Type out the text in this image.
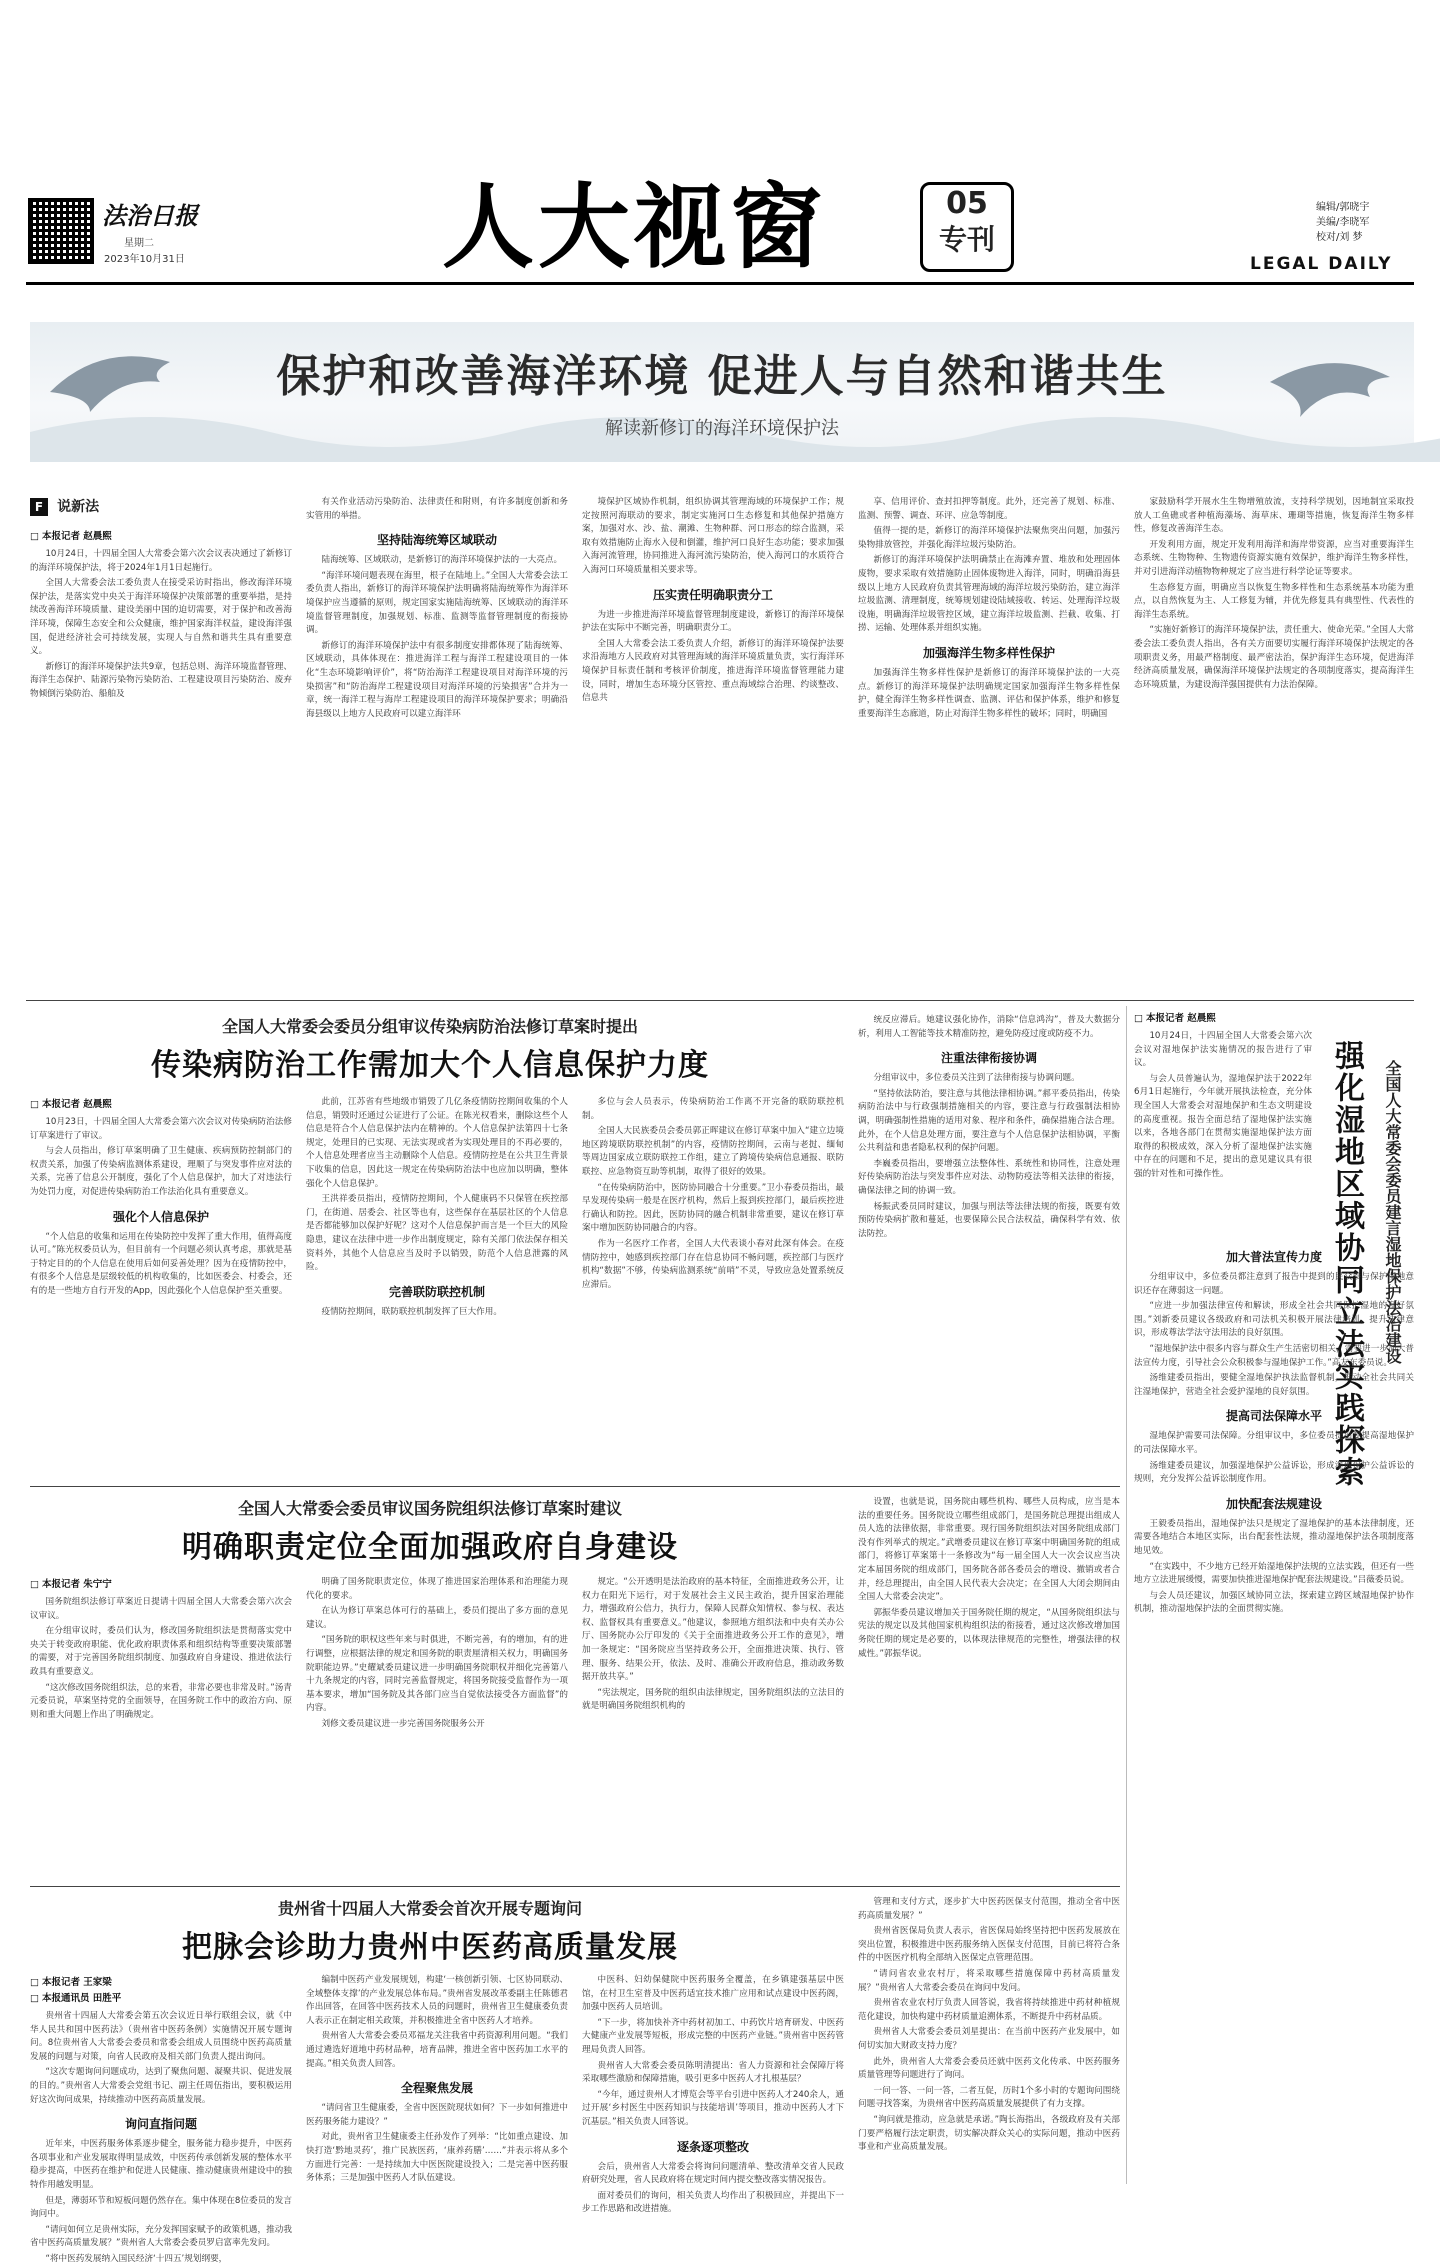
法治日报
星期二
2023年10月31日	人大视窗	05
专刊
编辑/郭晓宇
美编/李晓军
校对/刘 梦
LEGAL DAILY
保护和改善海洋环境 促进人与自然和谐共生
解读新修订的海洋环境保护法
F 说新法
□ 本报记者 赵晨熙

10月24日，十四届全国人大常委会第六次会议表决通过了新修订的海洋环境保护法，将于2024年1月1日起施行。

全国人大常委会法工委负责人在接受采访时指出，修改海洋环境保护法，是落实党中央关于海洋环境保护决策部署的重要举措，是持续改善海洋环境质量、建设美丽中国的迫切需要，对于保护和改善海洋环境，保障生态安全和公众健康，维护国家海洋权益，建设海洋强国，促进经济社会可持续发展，实现人与自然和谐共生具有重要意义。

新修订的海洋环境保护法共9章，包括总则、海洋环境监督管理、海洋生态保护、陆源污染物污染防治、工程建设项目污染防治、废弃物倾倒污染防治、船舶及

有关作业活动污染防治、法律责任和附则，有许多制度创新和务实管用的举措。

坚持陆海统筹区域联动

陆海统筹、区域联动，是新修订的海洋环境保护法的一大亮点。

“海洋环境问题表现在海里，根子在陆地上。”全国人大常委会法工委负责人指出，新修订的海洋环境保护法明确将陆海统筹作为海洋环境保护应当遵循的原则，规定国家实施陆海统筹、区域联动的海洋环境监督管理制度，加强规划、标准、监测等监督管理制度的衔接协调。

新修订的海洋环境保护法中有很多制度安排都体现了陆海统筹、区域联动，具体体现在：推进海洋工程与海洋工程建设项目的一体化“生态环境影响评价”，将“防治海洋工程建设项目对海洋环境的污染损害”和“防治海岸工程建设项目对海洋环境的污染损害”合并为一章，统一海洋工程与海岸工程建设项目的海洋环境保护要求；明确沿海县级以上地方人民政府可以建立海洋环

境保护区域协作机制，组织协调其管理海域的环境保护工作；规定按照河海联动的要求，制定实施河口生态修复和其他保护措施方案，加强对水、沙、盐、潮滩、生物种群、河口形态的综合监测，采取有效措施防止海水入侵和倒灌，维护河口良好生态功能；要求加强入海河流管理，协同推进入海河流污染防治，使入海河口的水质符合入海河口环境质量相关要求等。

压实责任明确职责分工

为进一步推进海洋环境监督管理制度建设，新修订的海洋环境保护法在实际中不断完善，明确职责分工。

全国人大常委会法工委负责人介绍，新修订的海洋环境保护法要求沿海地方人民政府对其管理海域的海洋环境质量负责，实行海洋环境保护目标责任制和考核评价制度，推进海洋环境监督管理能力建设，同时，增加生态环境分区管控、重点海域综合治理、约谈整改、信息共

享、信用评价、查封扣押等制度。此外，还完善了规划、标准、监测、预警、调查、环评、应急等制度。

值得一提的是，新修订的海洋环境保护法聚焦突出问题，加强污染物排放管控，并强化海洋垃圾污染防治。

新修订的海洋环境保护法明确禁止在海滩弃置、堆放和处理固体废物，要求采取有效措施防止固体废物进入海洋，同时，明确沿海县级以上地方人民政府负责其管理海域的海洋垃圾污染防治，建立海洋垃圾监测、清理制度，统筹规划建设陆域接收、转运、处理海洋垃圾设施，明确海洋垃圾管控区域，建立海洋垃圾监测、拦截、收集、打捞、运输、处理体系并组织实施。

加强海洋生物多样性保护

加强海洋生物多样性保护是新修订的海洋环境保护法的一大亮点。新修订的海洋环境保护法明确规定国家加强海洋生物多样性保护，健全海洋生物多样性调查、监测、评估和保护体系，维护和修复重要海洋生态廊道，防止对海洋生物多样性的破坏；同时，明确国

家鼓励科学开展水生生物增殖放流，支持科学规划，因地制宜采取投放人工鱼礁或者种植海藻场、海草床、珊瑚等措施，恢复海洋生物多样性，修复改善海洋生态。

开发利用方面，规定开发利用海洋和海岸带资源，应当对重要海洋生态系统、生物物种、生物遗传资源实施有效保护，维护海洋生物多样性，并对引进海洋动植物物种规定了应当进行科学论证等要求。

生态修复方面，明确应当以恢复生物多样性和生态系统基本功能为重点，以自然恢复为主、人工修复为辅，并优先修复具有典型性、代表性的海洋生态系统。

“实施好新修订的海洋环境保护法，责任重大、使命光荣。”全国人大常委会法工委负责人指出，各有关方面要切实履行海洋环境保护法规定的各项职责义务，用最严格制度、最严密法治，保护海洋生态环境，促进海洋经济高质量发展，确保海洋环境保护法规定的各项制度落实，提高海洋生态环境质量，为建设海洋强国提供有力法治保障。

全国人大常委会委员分组审议传染病防治法修订草案时提出
传染病防治工作需加大个人信息保护力度
□ 本报记者 赵晨熙

10月23日，十四届全国人大常委会第六次会议对传染病防治法修订草案进行了审议。

与会人员指出，修订草案明确了卫生健康、疾病预防控制部门的权责关系，加强了传染病监测体系建设，理顺了与突发事件应对法的关系，完善了信息公开制度，强化了个人信息保护，加大了对违法行为处罚力度，对促进传染病防治工作法治化具有重要意义。

强化个人信息保护

“个人信息的收集和运用在传染防控中发挥了重大作用，值得高度认可。”陈光权委员认为，但目前有一个问题必须认真考虑，那就是基于特定目的的个人信息在使用后如何妥善处理？因为在疫情防控中，有很多个人信息是层级较低的机构收集的，比如医委会、村委会，还有的是一些地方自行开发的App，因此强化个人信息保护至关重要。

此前，江苏省有些地级市销毁了几亿条疫情防控期间收集的个人信息，销毁时还通过公证进行了公证。在陈光权看来，删除这些个人信息是符合个人信息保护法内在精神的。个人信息保护法第四十七条规定，处理目的已实现、无法实现或者为实现处理目的不再必要的，个人信息处理者应当主动删除个人信息。疫情防控是在公共卫生背景下收集的信息，因此这一规定在传染病防治法中也应加以明确，整体强化个人信息保护。

王洪祥委员指出，疫情防控期间，个人健康码不只保管在疾控部门，在街道、居委会、社区等也有，这些保存在基层社区的个人信息是否都能够加以保护好呢？这对个人信息保护而言是一个巨大的风险隐患，建议在法律中进一步作出制度规定，除有关部门依法保存相关资料外，其他个人信息应当及时予以销毁，防范个人信息泄露的风险。

完善联防联控机制

疫情防控期间，联防联控机制发挥了巨大作用。

多位与会人员表示，传染病防治工作离不开完备的联防联控机制。

全国人大民族委员会委员郭正晖建议在修订草案中加入“建立边境地区跨境联防联控机制”的内容，疫情防控期间，云南与老挝、缅甸等周边国家成立联防联控工作组，建立了跨境传染病信息通报、联防联控、应急物资互助等机制，取得了很好的效果。

“在传染病防治中，医防协同融合十分重要。”卫小春委员指出，最早发现传染病一般是在医疗机构，然后上报到疾控部门，最后疾控进行确认和防控。因此，医防协同的融合机制非常重要，建议在修订草案中增加医防协同融合的内容。

作为一名医疗工作者，全国人大代表谈小春对此深有体会。在疫情防控中，她感到疾控部门存在信息协同不畅问题，疾控部门与医疗机构“数据”不够，传染病监测系统“前哨”不灵，导致应急处置系统反应滞后。

统反应滞后。她建议强化协作，消除“信息鸿沟”，普及大数据分析，利用人工智能等技术精准防控，避免防疫过度或防疫不力。

注重法律衔接协调

分组审议中，多位委员关注到了法律衔接与协调问题。

“坚持依法防治，要注意与其他法律相协调。”郝平委员指出，传染病防治法中与行政强制措施相关的内容，要注意与行政强制法相协调，明确强制性措施的适用对象、程序和条件，确保措施合法合理。此外，在个人信息处理方面，要注意与个人信息保护法相协调，平衡公共利益和患者隐私权利的保护问题。

李巍委员指出，要增强立法整体性、系统性和协同性，注意处理好传染病防治法与突发事件应对法、动物防疫法等相关法律的衔接，确保法律之间的协调一致。

杨振武委员同时建议，加强与刑法等法律法规的衔接，既要有效预防传染病扩散和蔓延，也要保障公民合法权益，确保科学有效、依法防控。

全国人大常委会委员审议国务院组织法修订草案时建议
明确职责定位全面加强政府自身建设
□ 本报记者 朱宁宁

国务院组织法修订草案近日提请十四届全国人大常委会第六次会议审议。

在分组审议时，委员们认为，修改国务院组织法是贯彻落实党中央关于转变政府职能、优化政府职责体系和组织结构等重要决策部署的需要，对于完善国务院组织制度、加强政府自身建设、推进依法行政具有重要意义。

“这次修改国务院组织法，总的来看，非常必要也非常及时。”汤青元委员说，草案坚持党的全面领导，在国务院工作中的政治方向、原则和重大问题上作出了明确规定。

明确了国务院职责定位，体现了推进国家治理体系和治理能力现代化的要求。

在认为修订草案总体可行的基础上，委员们提出了多方面的意见建议。

“国务院的职权这些年来与时俱进，不断完善，有的增加，有的进行调整，应根据法律的规定和国务院的职责厘清相关权力，明确国务院职能边界。”史耀斌委员建议进一步明确国务院职权并细化完善第八十九条规定的内容，同时完善监督规定，将国务院接受监督作为一项基本要求，增加“国务院及其各部门应当自觉依法接受各方面监督”的内容。

刘修文委员建议进一步完善国务院服务公开

规定。“公开透明是法治政府的基本特征，全面推进政务公开，让权力在阳光下运行，对于发展社会主义民主政治，提升国家治理能力，增强政府公信力，执行力，保障人民群众知情权、参与权、表达权、监督权具有重要意义。”他建议，参照地方组织法和中央有关办公厅、国务院办公厅印发的《关于全面推进政务公开工作的意见》，增加一条规定：“国务院应当坚持政务公开，全面推进决策、执行、管理、服务、结果公开，依法、及时、准确公开政府信息，推动政务数据开放共享。”

“宪法规定，国务院的组织由法律规定，国务院组织法的立法目的就是明确国务院组织机构的

设置，也就是说，国务院由哪些机构、哪些人员构成，应当是本法的重要任务。国务院设立哪些组成部门，是国务院总理提出组成人员人选的法律依据，非常重要。现行国务院组织法对国务院组成部门没有作列举式的规定。”武增委员建议在修订草案中明确国务院的组成部门，将修订草案第十一条修改为“每一届全国人大一次会议应当决定本届国务院的组成部门，国务院各部各委员会的增设、撤销或者合并，经总理提出，由全国人民代表大会决定；在全国人大闭会期间由全国人大常委会决定”。

郭振华委员建议增加关于国务院任期的规定，“从国务院组织法与宪法的规定以及其他国家机构组织法的衔接看，通过这次修改增加国务院任期的规定是必要的，以体现法律规范的完整性，增强法律的权威性。”郭振华说。

贵州省十四届人大常委会首次开展专题询问
把脉会诊助力贵州中医药高质量发展
□ 本报记者 王家梁
□ 本报通讯员 田胜平

贵州省十四届人大常委会第五次会议近日举行联组会议，就《中华人民共和国中医药法》（贵州省中医药条例）实施情况开展专题询问。8位贵州省人大常委会委员和常委会组成人员围绕中医药高质量发展的问题与对策，向省人民政府及相关部门负责人提出询问。

“这次专题询问问题成功，达到了聚焦问题、凝聚共识、促进发展的目的。”贵州省人大常委会党组书记、副主任周伍指出，要积极运用好这次询问成果，持续推动中医药高质量发展。

询问直指问题

近年来，中医药服务体系逐步健全，服务能力稳步提升，中医药各项事业和产业发展取得明显成效，中医药传承创新发展的整体水平稳步提高，中医药在维护和促进人民健康、推动健康贵州建设中的独特作用越发明显。

但是，薄弱环节和短板问题仍然存在。集中体现在8位委员的发言询问中。

“请问如何立足贵州实际，充分发挥国家赋予的政策机遇，推动我省中医药高质量发展？”贵州省人大常委会委员罗启富率先发问。

“将中医药发展纳入国民经济‘十四五’规划纲要，

编制中医药产业发展规划，构建‘一核创新引领、七区协同联动、全域整体支撑’的产业发展总体布局。”贵州省发展改革委副主任陈德君作出回答，在回答中医药技术人员的问题时，贵州省卫生健康委负责人表示正在制定相关政策，并积极推进全省中医药人才培养。

贵州省人大常委会委员邓福龙关注我省中药资源利用问题。“我们通过遴选好道地中药材品种，培育品牌，推进全省中医药加工水平的提高。”相关负责人回答。

全程聚焦发展

“请问省卫生健康委，全省中医医院现状如何？下一步如何推进中医药服务能力建设？”

对此，贵州省卫生健康委主任孙发作了列举：“比如重点建设、加快打造‘黔地灵药’，推广民族医药，‘康养药膳’……”并表示将从多个方面进行完善：一是持续加大中医医院建设投入；二是完善中医药服务体系；三是加强中医药人才队伍建设。

中医科、妇幼保健院中医药服务全覆盖，在乡镇建强基层中医馆，在村卫生室普及中医药适宜技术推广应用和试点建设中医药阁，加强中医药人员培训。

“下一步，将加快补齐中药材初加工、中药饮片培育研发、中医药大健康产业发展等短板，形成完整的中医药产业链。”贵州省中医药管理局负责人回答。

贵州省人大常委会委员陈明清提出：省人力资源和社会保障厅将采取哪些激励和保障措施，吸引更多中医药人才扎根基层？

“今年，通过贵州人才博览会等平台引进中医药人才240余人，通过开展‘乡村医生中医药知识与技能培训’等项目，推动中医药人才下沉基层。”相关负责人回答说。

逐条逐项整改

会后，贵州省人大常委会将询问问题清单、整改清单交省人民政府研究处理，省人民政府将在规定时间内提交整改落实情况报告。

面对委员们的询问，相关负责人均作出了积极回应，并提出下一步工作思路和改进措施。

管理和支付方式，逐步扩大中医药医保支付范围，推动全省中医药高质量发展？”

贵州省医保局负责人表示，省医保局始终坚持把中医药发展放在突出位置，积极推进中医药服务纳入医保支付范围，目前已将符合条件的中医医疗机构全部纳入医保定点管理范围。

“请问省农业农村厅，将采取哪些措施保障中药材高质量发展？”贵州省人大常委会委员在询问中发问。

贵州省农业农村厅负责人回答说，我省将持续推进中药材种植规范化建设，加快构建中药材质量追溯体系，不断提升中药材品质。

贵州省人大常委会委员刘星提出：在当前中医药产业发展中，如何切实加大财政支持力度？

此外，贵州省人大常委会委员还就中医药文化传承、中医药服务质量管理等问题进行了询问。

一问一答、一问一答，二者互促，历时1个多小时的专题询问围绕问题寻找答案，为贵州省中医药高质量发展提供了有力支撑。

“询问就是推动，应急就是承诺。”陶长海指出，各级政府及有关部门要严格履行法定职责，切实解决群众关心的实际问题，推动中医药事业和产业高质量发展。

□ 本报记者 赵晨熙

10月24日，十四届全国人大常委会第六次会议对湿地保护法实施情况的报告进行了审议。

与会人员普遍认为，湿地保护法于2022年6月1日起施行，今年就开展执法检查，充分体现全国人大常委会对湿地保护和生态文明建设的高度重视。报告全面总结了湿地保护法实施以来，各地各部门在贯彻实施湿地保护法方面取得的积极成效，深入分析了湿地保护法实施中存在的问题和不足，提出的意见建议具有很强的针对性和可操作性。	强化湿地区域协同立法实践探索	全国人大常委会委员建言湿地保护法治建设
加大普法宣传力度

分组审议中，多位委员都注意到了报告中提到的民众参与保护湿地意识还存在薄弱这一问题。

“应进一步加强法律宣传和解读，形成全社会共同保护湿地的良好氛围。”刘新委员建议各级政府和司法机关积极开展法律培训，提升法律意识，形成尊法学法守法用法的良好氛围。

“湿地保护法中很多内容与群众生产生活密切相关，需要进一步加大普法宣传力度，引导社会公众积极参与湿地保护工作。”高友东委员说。

汤维建委员指出，要健全湿地保护执法监督机制，推动全社会共同关注湿地保护，营造全社会爱护湿地的良好氛围。

提高司法保障水平

湿地保护需要司法保障。分组审议中，多位委员提出要提高湿地保护的司法保障水平。

汤维建委员建议，加强湿地保护公益诉讼，形成湿地保护公益诉讼的规则，充分发挥公益诉讼制度作用。

加快配套法规建设

王毅委员指出，湿地保护法只是规定了湿地保护的基本法律制度，还需要各地结合本地区实际，出台配套性法规，推动湿地保护法各项制度落地见效。

“在实践中，不少地方已经开始湿地保护法规的立法实践，但还有一些地方立法进展缓慢，需要加快推进湿地保护配套法规建设。”吕薇委员说。

与会人员还建议，加强区域协同立法，探索建立跨区域湿地保护协作机制，推动湿地保护法的全面贯彻实施。
